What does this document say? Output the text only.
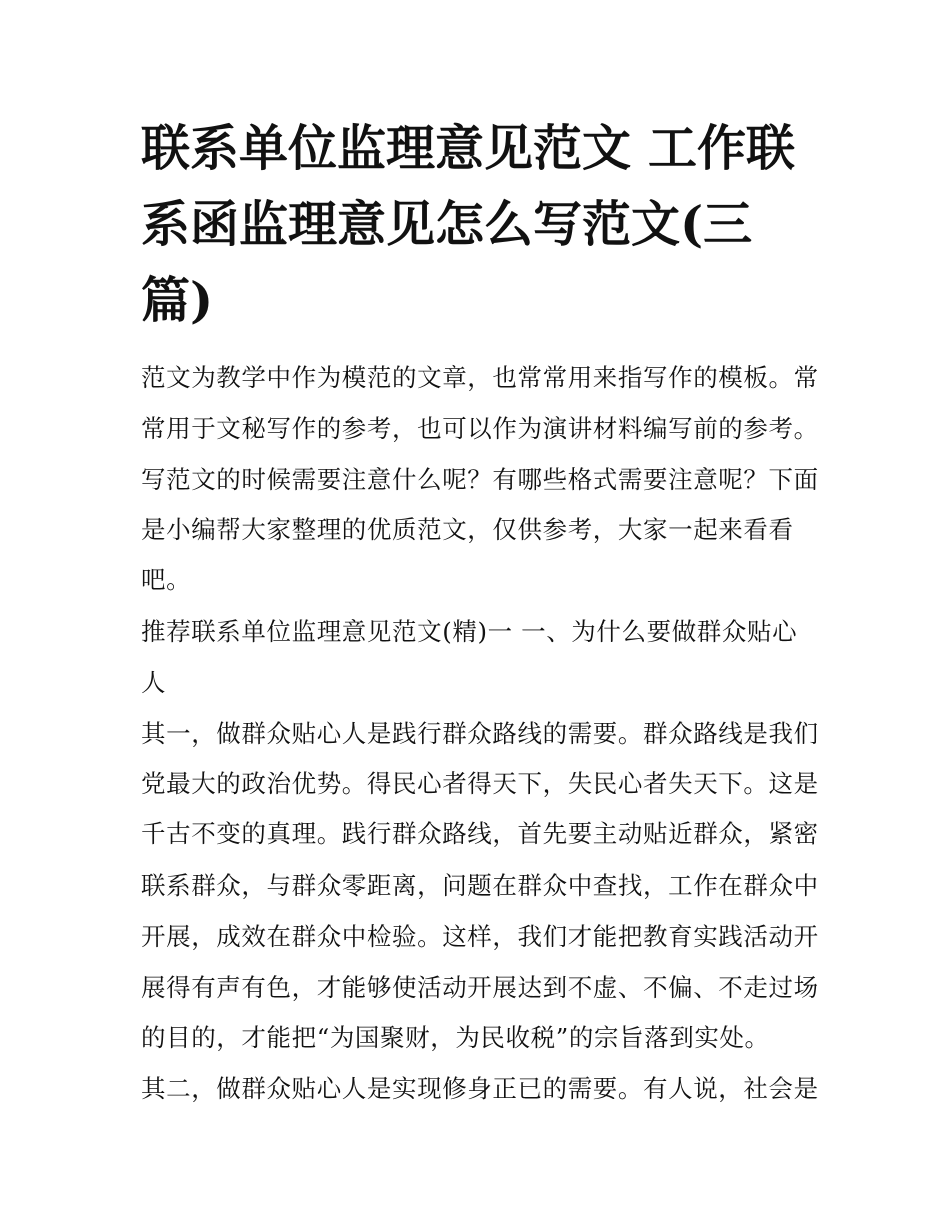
联系单位监理意见范文 工作联
系函监理意见怎么写范文(三
篇)
范文为教学中作为模范的文章，也常常用来指写作的模板。常
常用于文秘写作的参考，也可以作为演讲材料编写前的参考。
写范文的时候需要注意什么呢？有哪些格式需要注意呢？下面
是小编帮大家整理的优质范文，仅供参考，大家一起来看看
吧。
推荐联系单位监理意见范文(精)一 一、为什么要做群众贴心
人
其一，做群众贴心人是践行群众路线的需要。群众路线是我们
党最大的政治优势。得民心者得天下，失民心者失天下。这是
千古不变的真理。践行群众路线，首先要主动贴近群众，紧密
联系群众，与群众零距离，问题在群众中查找，工作在群众中
开展，成效在群众中检验。这样，我们才能把教育实践活动开
展得有声有色，才能够使活动开展达到不虚、不偏、不走过场
的目的，才能把“为国聚财，为民收税”的宗旨落到实处。
其二，做群众贴心人是实现修身正已的需要。有人说，社会是
